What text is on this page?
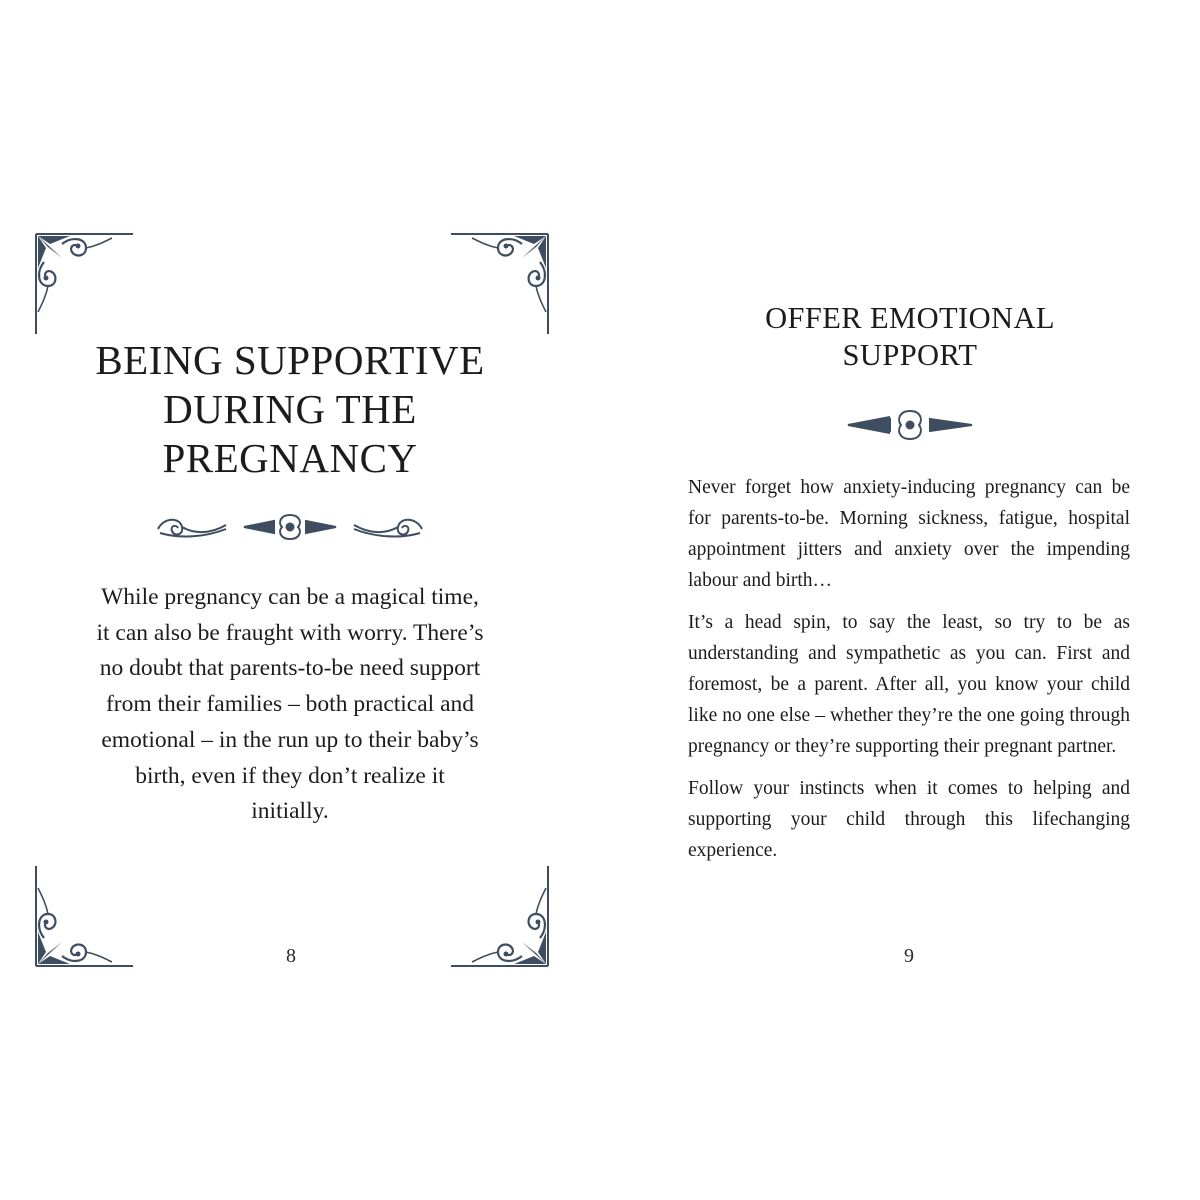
BEING SUPPORTIVE DURING THE PREGNANCY

While pregnancy can be a magical time, it can also be fraught with worry. There’s no doubt that parents-to-be need support from their families – both practical and emotional – in the run up to their baby’s birth, even if they don’t realize it initially.

8
OFFER EMOTIONAL SUPPORT

Never forget how anxiety-inducing pregnancy can be for parents-to-be. Morning sickness, fatigue, hospital appointment jitters and anxiety over the impending labour and birth…

It’s a head spin, to say the least, so try to be as understanding and sympathetic as you can. First and foremost, be a parent. After all, you know your child like no one else – whether they’re the one going through pregnancy or they’re supporting their pregnant partner.

Follow your instincts when it comes to helping and supporting your child through this lifechanging experience.

9
